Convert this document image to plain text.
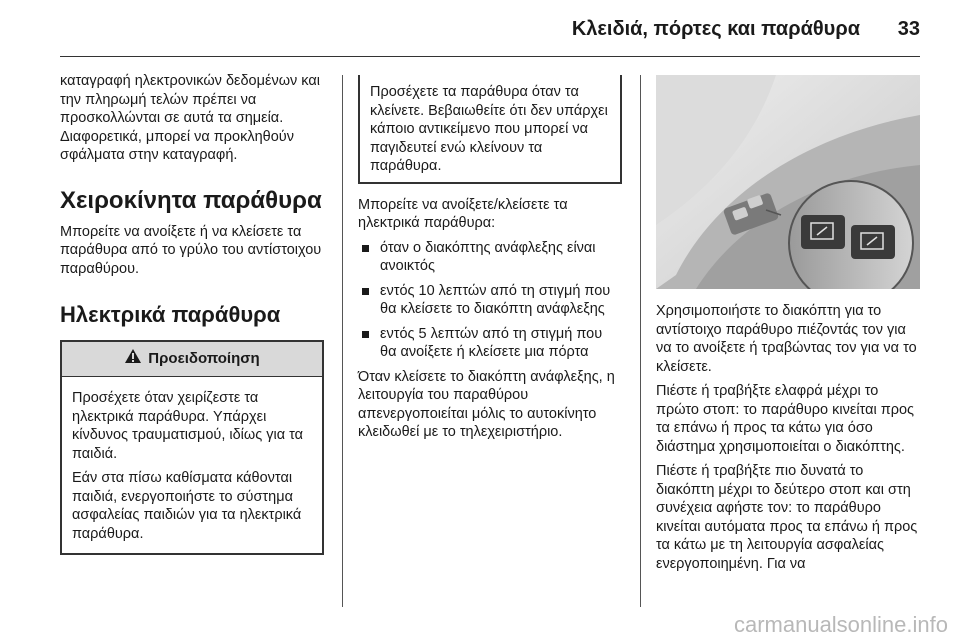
Κλειδιά, πόρτες και παράθυρα 33

καταγραφή ηλεκτρονικών δεδομένων και την πληρωμή τελών πρέπει να προσκολλώνται σε αυτά τα σημεία. Διαφορετικά, μπορεί να προκληθούν σφάλματα στην καταγραφή.

Χειροκίνητα παράθυρα

Μπορείτε να ανοίξετε ή να κλείσετε τα παράθυρα από το γρύλο του αντίστοιχου παραθύρου.

Ηλεκτρικά παράθυρα
Προειδοποίηση

Προσέχετε όταν χειρίζεστε τα ηλεκτρικά παράθυρα. Υπάρχει κίνδυνος τραυματισμού, ιδίως για τα παιδιά.

Εάν στα πίσω καθίσματα κάθονται παιδιά, ενεργοποιήστε το σύστημα ασφαλείας παιδιών για τα ηλεκτρικά παράθυρα.

Προσέχετε τα παράθυρα όταν τα κλείνετε. Βεβαιωθείτε ότι δεν υπάρχει κάποιο αντικείμενο που μπορεί να παγιδευτεί ενώ κλείνουν τα παράθυρα.

Μπορείτε να ανοίξετε/κλείσετε τα ηλεκτρικά παράθυρα:

όταν ο διακόπτης ανάφλεξης είναι ανοικτός
εντός 10 λεπτών από τη στιγμή που θα κλείσετε το διακόπτη ανάφλεξης
εντός 5 λεπτών από τη στιγμή που θα ανοίξετε ή κλείσετε μια πόρτα

Όταν κλείσετε το διακόπτη ανάφλεξης, η λειτουργία του παραθύρου απενεργοποιείται μόλις το αυτοκίνητο κλειδωθεί με το τηλεχειριστήριο.

Χρησιμοποιήστε το διακόπτη για το αντίστοιχο παράθυρο πιέζοντάς τον για να το ανοίξετε ή τραβώντας τον για να το κλείσετε.

Πιέστε ή τραβήξτε ελαφρά μέχρι το πρώτο στοπ: το παράθυρο κινείται προς τα επάνω ή προς τα κάτω για όσο διάστημα χρησιμοποιείται ο διακόπτης.

Πιέστε ή τραβήξτε πιο δυνατά το διακόπτη μέχρι το δεύτερο στοπ και στη συνέχεια αφήστε τον: το παράθυρο κινείται αυτόματα προς τα επάνω ή προς τα κάτω με τη λειτουργία ασφαλείας ενεργοποιημένη. Για να

carmanualsonline.info
